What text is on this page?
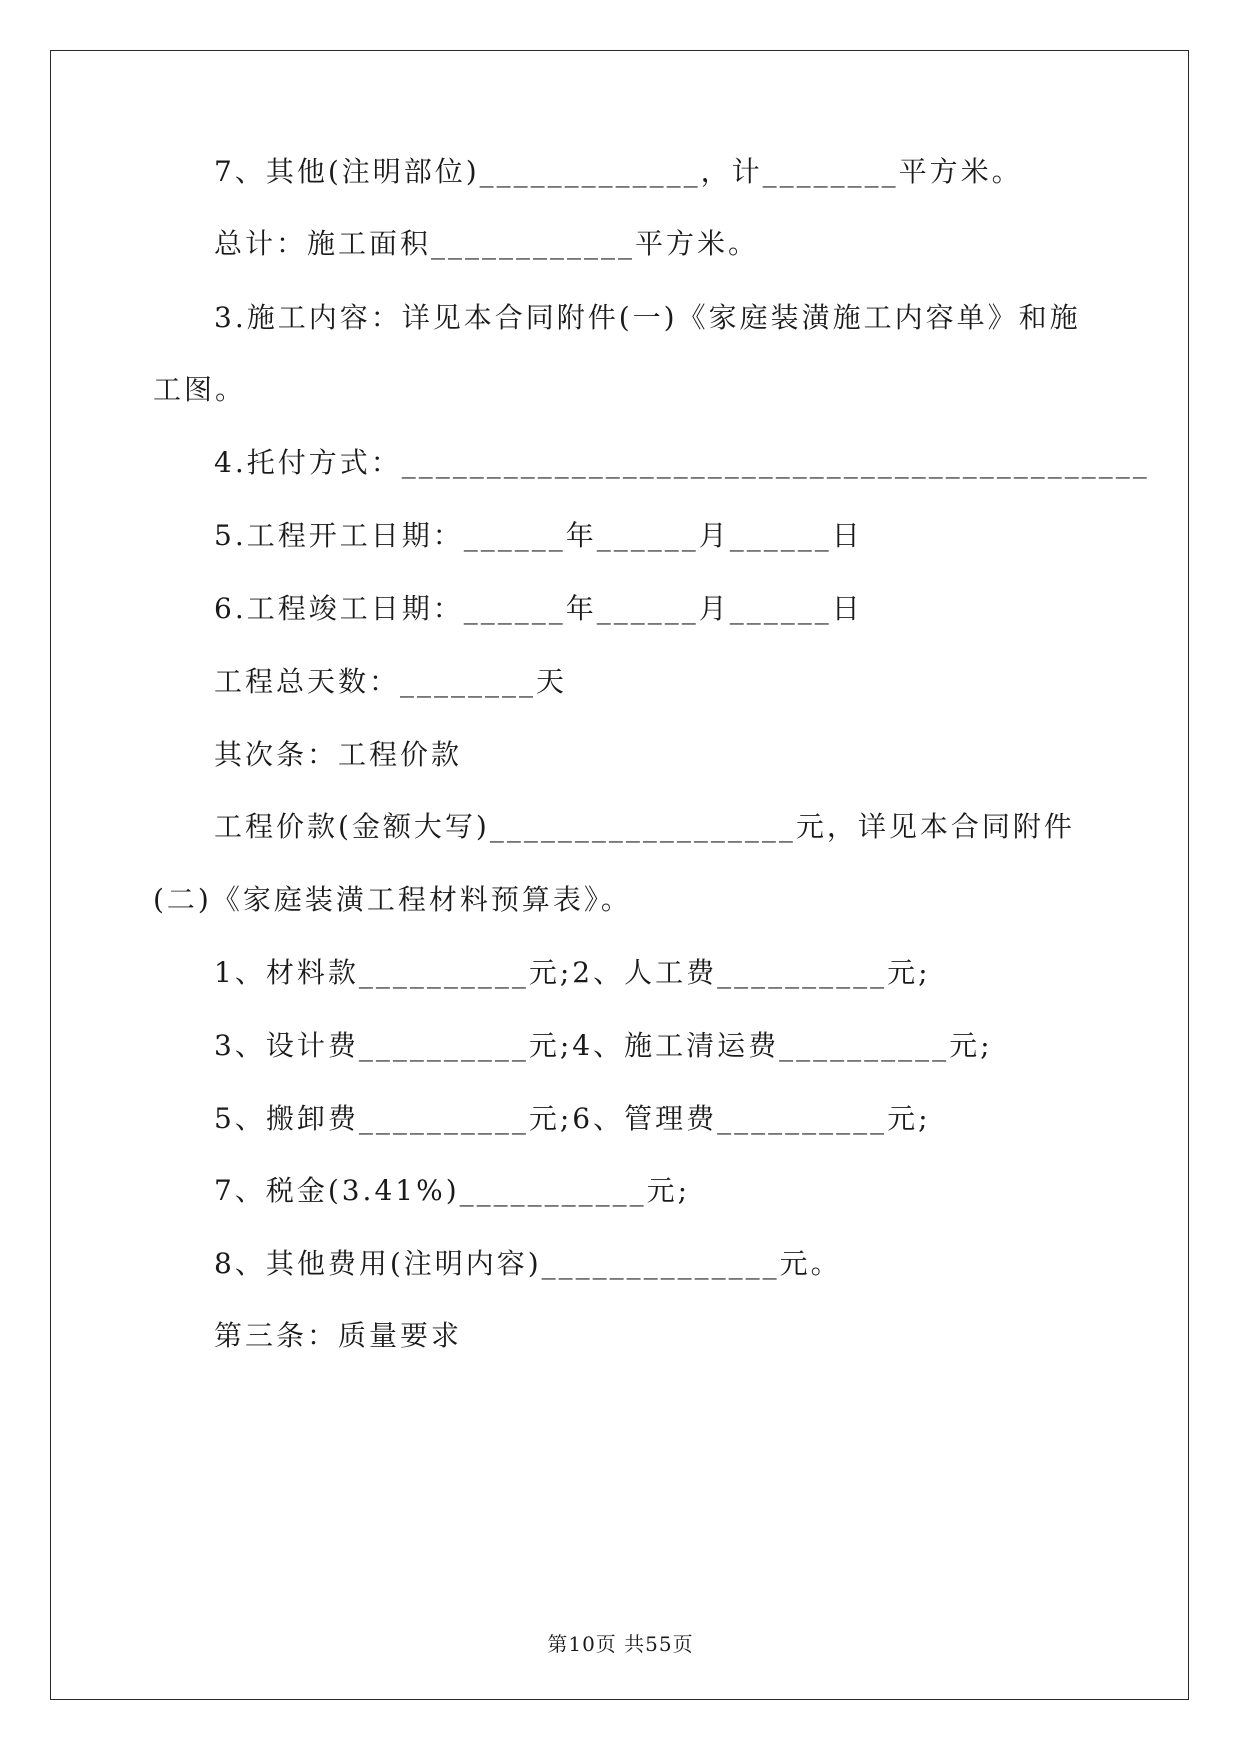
7、其他(注明部位)_____________，计________平方米。
总计：施工面积____________平方米。
3.施工内容：详见本合同附件(一)《家庭装潢施工内容单》和施
工图。
4.托付方式：____________________________________________
5.工程开工日期：______年______月______日
6.工程竣工日期：______年______月______日
工程总天数：________天
其次条：工程价款
工程价款(金额大写)__________________元，详见本合同附件
(二)《家庭装潢工程材料预算表》。
1、材料款__________元;2、人工费__________元;
3、设计费__________元;4、施工清运费__________元;
5、搬卸费__________元;6、管理费__________元;
7、税金(3.41%)___________元;
8、其他费用(注明内容)______________元。
第三条：质量要求
第10页 共55页
